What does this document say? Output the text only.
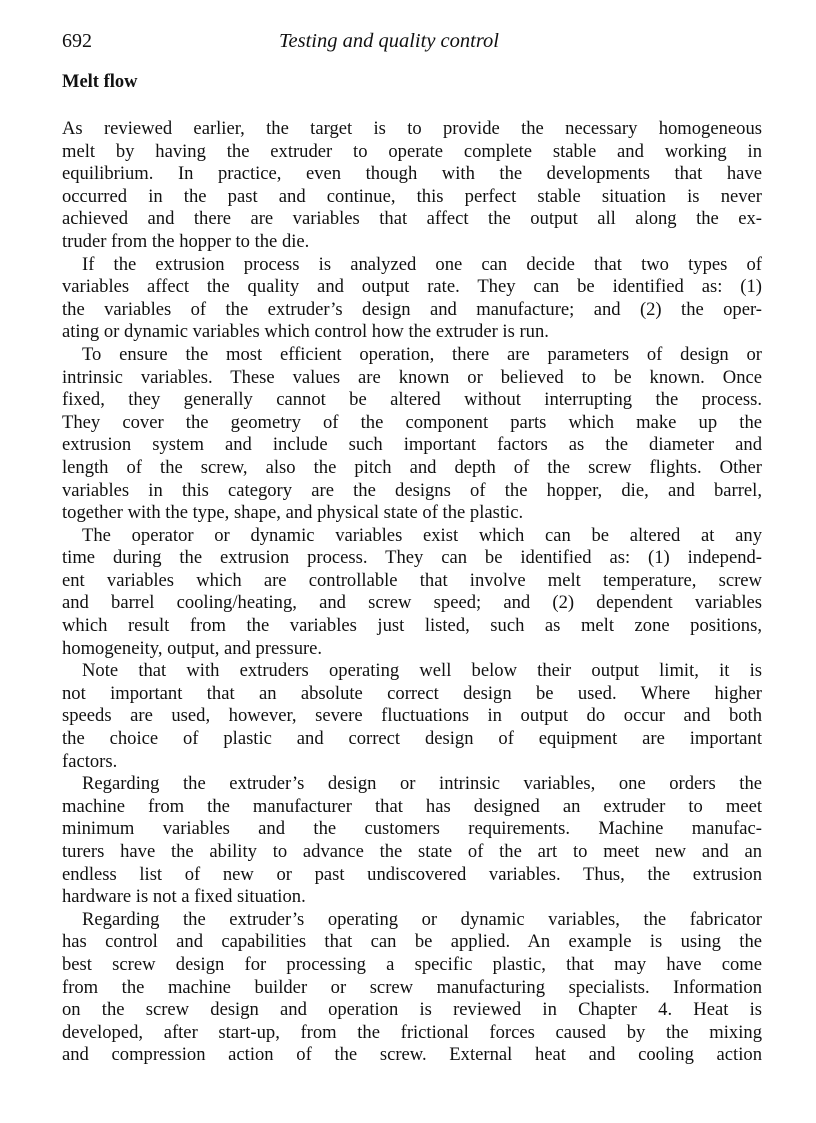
692	Testing and quality control
Melt flow
As reviewed earlier, the target is to provide the necessary homogeneous
melt by having the extruder to operate complete stable and working in
equilibrium. In practice, even though with the developments that have
occurred in the past and continue, this perfect stable situation is never
achieved and there are variables that affect the output all along the ex-
truder from the hopper to the die.
If the extrusion process is analyzed one can decide that two types of
variables affect the quality and output rate. They can be identified as: (1)
the variables of the extruder’s design and manufacture; and (2) the oper-
ating or dynamic variables which control how the extruder is run.
To ensure the most efficient operation, there are parameters of design or
intrinsic variables. These values are known or believed to be known. Once
fixed, they generally cannot be altered without interrupting the process.
They cover the geometry of the component parts which make up the
extrusion system and include such important factors as the diameter and
length of the screw, also the pitch and depth of the screw flights. Other
variables in this category are the designs of the hopper, die, and barrel,
together with the type, shape, and physical state of the plastic.
The operator or dynamic variables exist which can be altered at any
time during the extrusion process. They can be identified as: (1) independ-
ent variables which are controllable that involve melt temperature, screw
and barrel cooling/heating, and screw speed; and (2) dependent variables
which result from the variables just listed, such as melt zone positions,
homogeneity, output, and pressure.
Note that with extruders operating well below their output limit, it is
not important that an absolute correct design be used. Where higher
speeds are used, however, severe fluctuations in output do occur and both
the choice of plastic and correct design of equipment are important
factors.
Regarding the extruder’s design or intrinsic variables, one orders the
machine from the manufacturer that has designed an extruder to meet
minimum variables and the customers requirements. Machine manufac-
turers have the ability to advance the state of the art to meet new and an
endless list of new or past undiscovered variables. Thus, the extrusion
hardware is not a fixed situation.
Regarding the extruder’s operating or dynamic variables, the fabricator
has control and capabilities that can be applied. An example is using the
best screw design for processing a specific plastic, that may have come
from the machine builder or screw manufacturing specialists. Information
on the screw design and operation is reviewed in Chapter 4. Heat is
developed, after start-up, from the frictional forces caused by the mixing
and compression action of the screw. External heat and cooling action
